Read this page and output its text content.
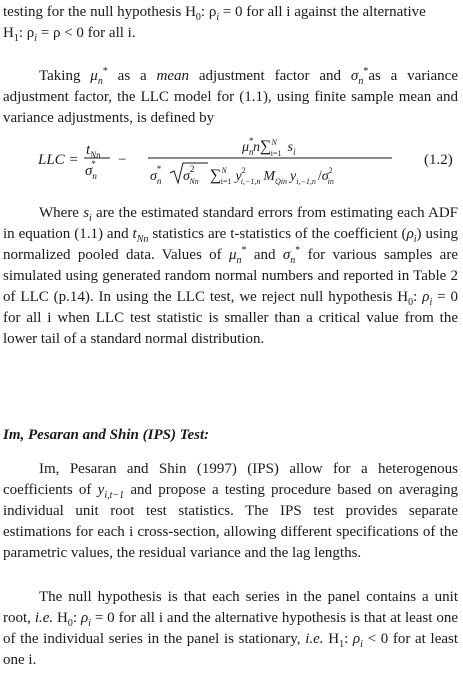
testing for the null hypothesis $H_0$: $\rho_i = 0$ for all i against the alternative
$H_1$: $\rho_i = \rho < 0$ for all i.

Taking $\mu_n^*$ as a mean adjustment factor and $\sigma_n^*as$ a variance adjustment factor, the LLC model for (1.1), using finite sample mean and variance adjustments, is defined by

LLC =
$t_{Nn}$
$\sigma_n*$ −
$\mu_n*n\sum^N$ i=1 $s_i$
$\sigma_n*$ $\sigma^2$ Nn ∑$^N$ i=1 $y^2$ i,−1,n $M_{Qin}$ $y_{i,-1,n}$ $/\sigma^2$ in
(1.2)

Where $s_i$ are the estimated standard errors from estimating each ADF in equation (1.1) and $t_{Nn}$ statistics are t-statistics of the coefficient $(\rho_i)$ using normalized pooled data. Values of $\mu_n^*$ and $\sigma_n^*$ for various samples are simulated using generated random normal numbers and reported in Table 2 of LLC (p.14). In using the LLC test, we reject null hypothesis $H_0$: $\rho_i = 0$ for all i when LLC test statistic is smaller than a critical value from the lower tail of a standard normal distribution.

Im, Pesaran and Shin (IPS) Test:

Im, Pesaran and Shin (1997) (IPS) allow for a heterogenous coefficients of $y_{i,t-1}$ and propose a testing procedure based on averaging individual unit root test statistics. The IPS test provides separate estimations for each i cross-section, allowing different specifications of the parametric values, the residual variance and the lag lengths.

The null hypothesis is that each series in the panel contains a unit root, i.e. $H_0$: $\rho_i = 0$ for all i and the alternative hypothesis is that at least one of the individual series in the panel is stationary, i.e. $H_1$: $\rho_i < 0$ for at least one i.
